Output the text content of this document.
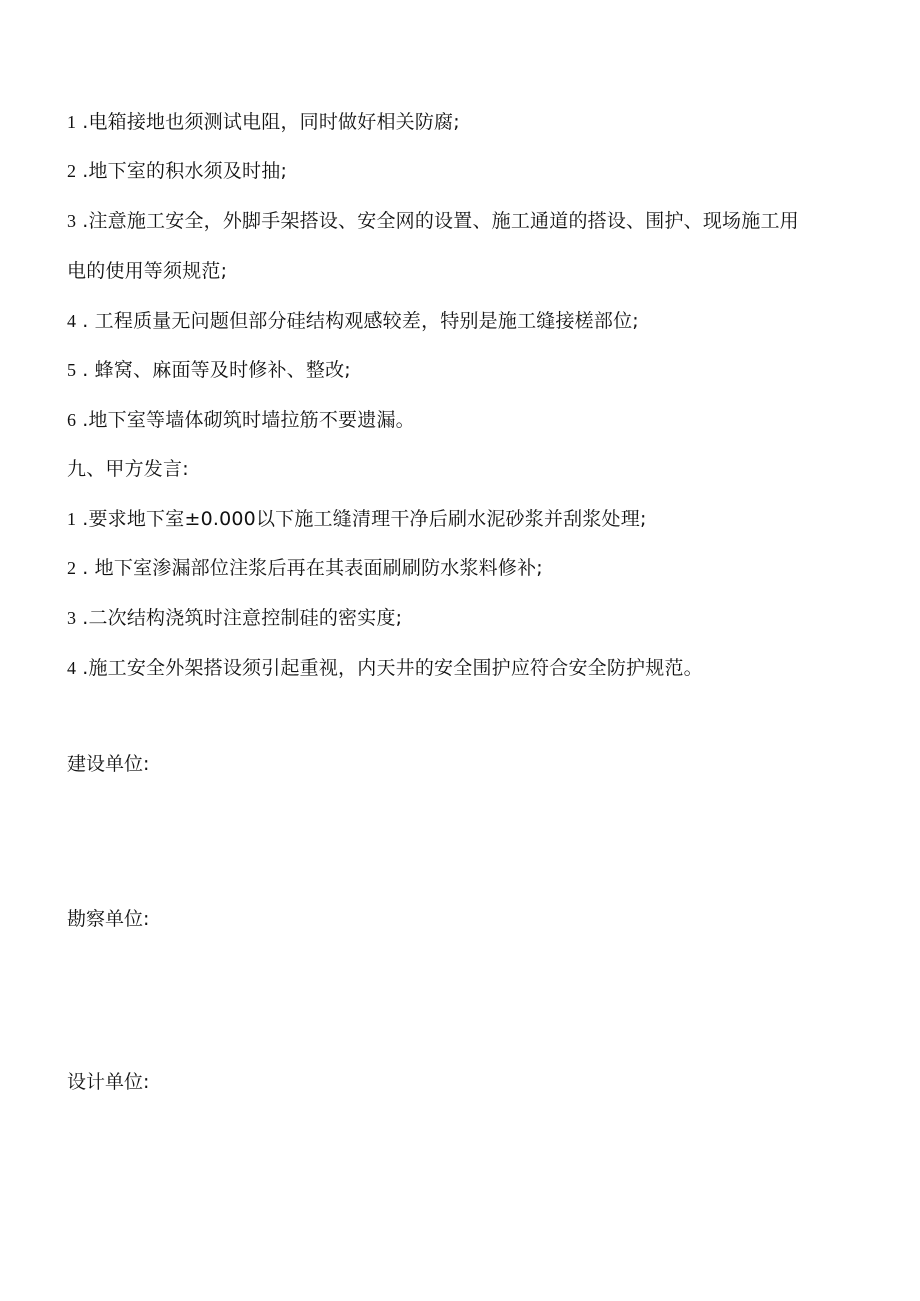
1 .电箱接地也须测试电阻，同时做好相关防腐;
2 .地下室的积水须及时抽;
3 .注意施工安全，外脚手架搭设、安全网的设置、施工通道的搭设、围护、现场施工用
电的使用等须规范;
4 . 工程质量无问题但部分硅结构观感较差，特别是施工缝接槎部位;
5 . 蜂窝、麻面等及时修补、整改;
6 .地下室等墙体砌筑时墙拉筋不要遗漏。
九、甲方发言:
1 .要求地下室±0.000以下施工缝清理干净后刷水泥砂浆并刮浆处理;
2 . 地下室渗漏部位注浆后再在其表面刷刷防水浆料修补;
3 .二次结构浇筑时注意控制硅的密实度;
4 .施工安全外架搭设须引起重视，内天井的安全围护应符合安全防护规范。
建设单位:
勘察单位:
设计单位:
